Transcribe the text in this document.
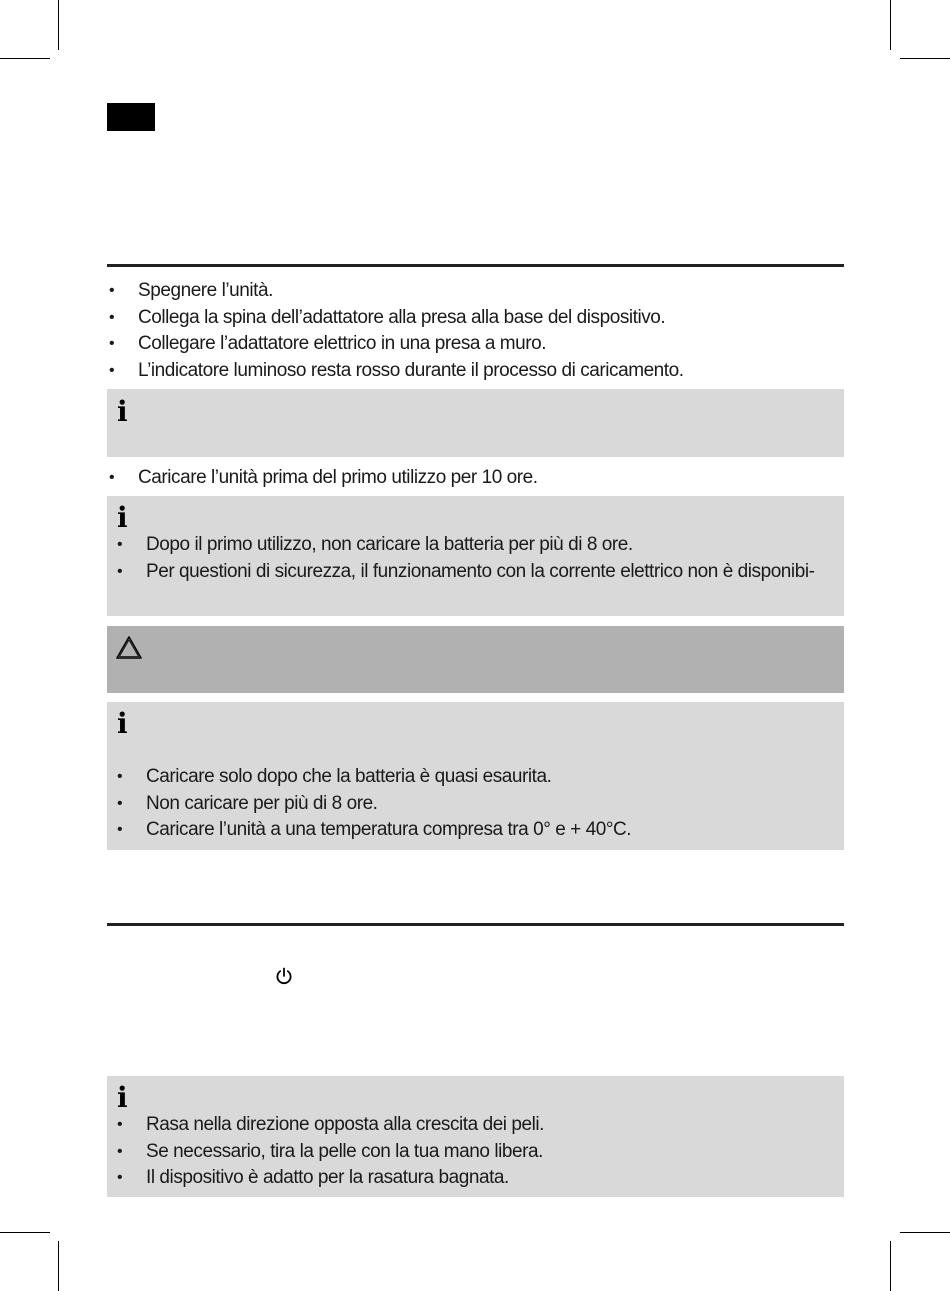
• Spegnere l’unità.
• Collega la spina dell’adattatore alla presa alla base del dispositivo.
• Collegare l’adattatore elettrico in una presa a muro.
• L’indicatore luminoso resta rosso durante il processo di caricamento.
i
• Caricare l’unità prima del primo utilizzo per 10 ore.
i
• Dopo il primo utilizzo, non caricare la batteria per più di 8 ore.
• Per questioni di sicurezza, il funzionamento con la corrente elettrico non è disponibi-
i
• Caricare solo dopo che la batteria è quasi esaurita.
• Non caricare per più di 8 ore.
• Caricare l’unità a una temperatura compresa tra 0° e + 40°C.
i
• Rasa nella direzione opposta alla crescita dei peli.
• Se necessario, tira la pelle con la tua mano libera.
• Il dispositivo è adatto per la rasatura bagnata.
